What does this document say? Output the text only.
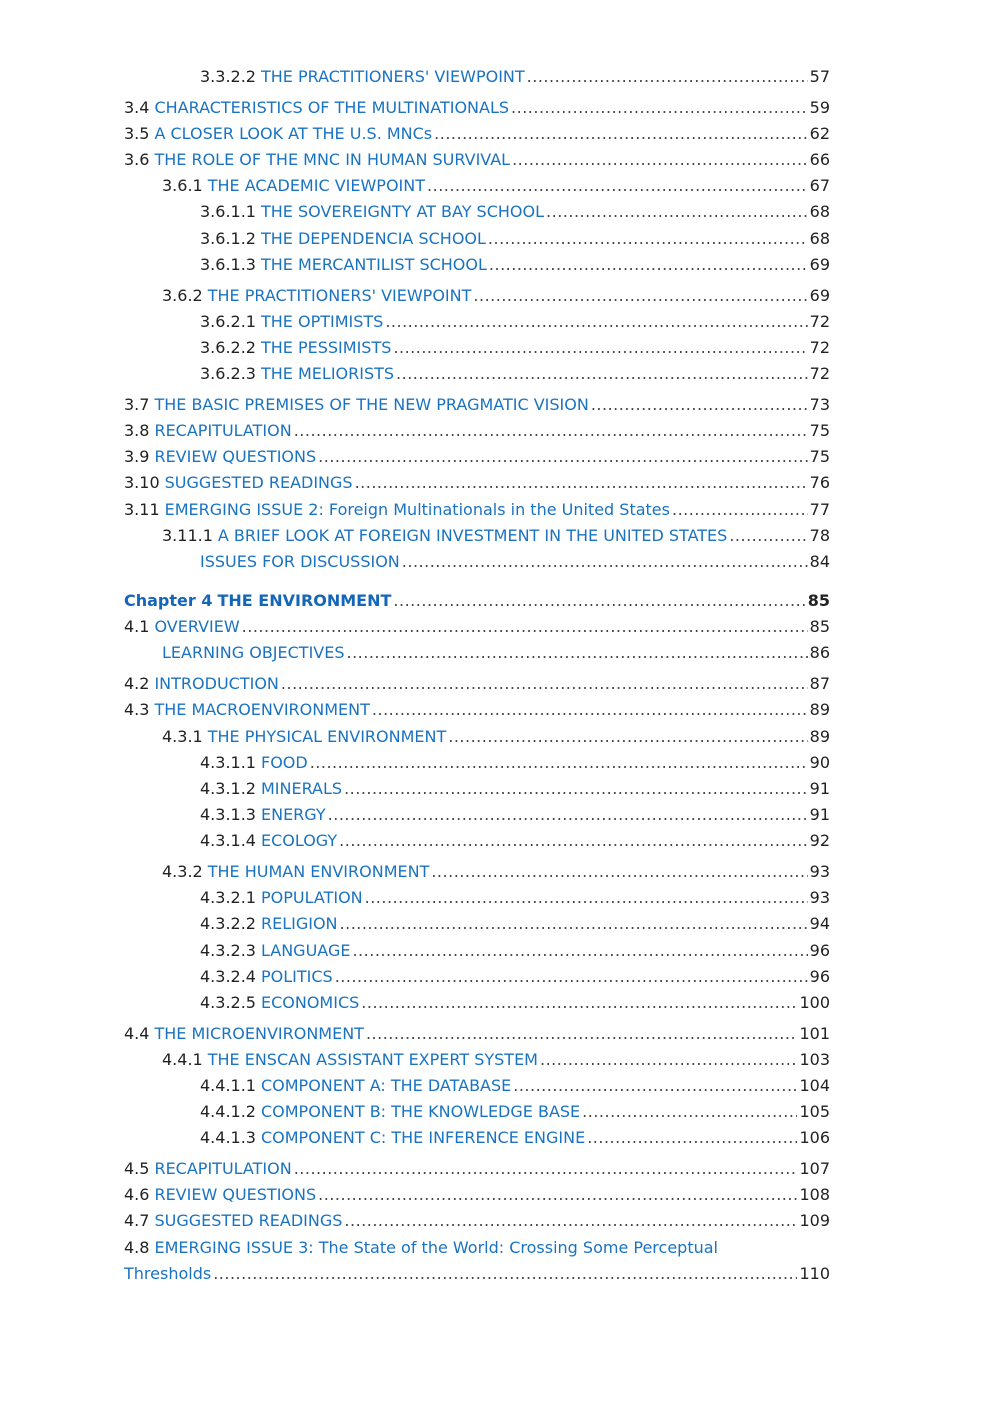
3.3.2.2 THE PRACTITIONERS' VIEWPOINT .....	57
3.4 CHARACTERISTICS OF THE MULTINATIONALS .....	59
3.5 A CLOSER LOOK AT THE U.S. MNCs .....	62
3.6 THE ROLE OF THE MNC IN HUMAN SURVIVAL .....	66
3.6.1 THE ACADEMIC VIEWPOINT .....	67
3.6.1.1 THE SOVEREIGNTY AT BAY SCHOOL .....	68
3.6.1.2 THE DEPENDENCIA SCHOOL .....	68
3.6.1.3 THE MERCANTILIST SCHOOL .....	69
3.6.2 THE PRACTITIONERS' VIEWPOINT .....	69
3.6.2.1 THE OPTIMISTS .....	72
3.6.2.2 THE PESSIMISTS .....	72
3.6.2.3 THE MELIORISTS .....	72
3.7 THE BASIC PREMISES OF THE NEW PRAGMATIC VISION .....	73
3.8 RECAPITULATION .....	75
3.9 REVIEW QUESTIONS .....	75
3.10 SUGGESTED READINGS .....	76
3.11 EMERGING ISSUE 2: Foreign Multinationals in the United States .....	77
3.11.1 A BRIEF LOOK AT FOREIGN INVESTMENT IN THE UNITED STATES .....	78
ISSUES FOR DISCUSSION .....	84
Chapter 4 THE ENVIRONMENT .....	85
4.1 OVERVIEW .....	85
LEARNING OBJECTIVES .....	86
4.2 INTRODUCTION .....	87
4.3 THE MACROENVIRONMENT .....	89
4.3.1 THE PHYSICAL ENVIRONMENT .....	89
4.3.1.1 FOOD .....	90
4.3.1.2 MINERALS .....	91
4.3.1.3 ENERGY .....	91
4.3.1.4 ECOLOGY .....	92
4.3.2 THE HUMAN ENVIRONMENT .....	93
4.3.2.1 POPULATION .....	93
4.3.2.2 RELIGION .....	94
4.3.2.3 LANGUAGE .....	96
4.3.2.4 POLITICS .....	96
4.3.2.5 ECONOMICS .....	100
4.4 THE MICROENVIRONMENT .....	101
4.4.1 THE ENSCAN ASSISTANT EXPERT SYSTEM .....	103
4.4.1.1 COMPONENT A: THE DATABASE .....	104
4.4.1.2 COMPONENT B: THE KNOWLEDGE BASE .....	105
4.4.1.3 COMPONENT C: THE INFERENCE ENGINE .....	106
4.5 RECAPITULATION .....	107
4.6 REVIEW QUESTIONS .....	108
4.7 SUGGESTED READINGS .....	109
4.8 EMERGING ISSUE 3: The State of the World: Crossing Some Perceptual
Thresholds .....	110
